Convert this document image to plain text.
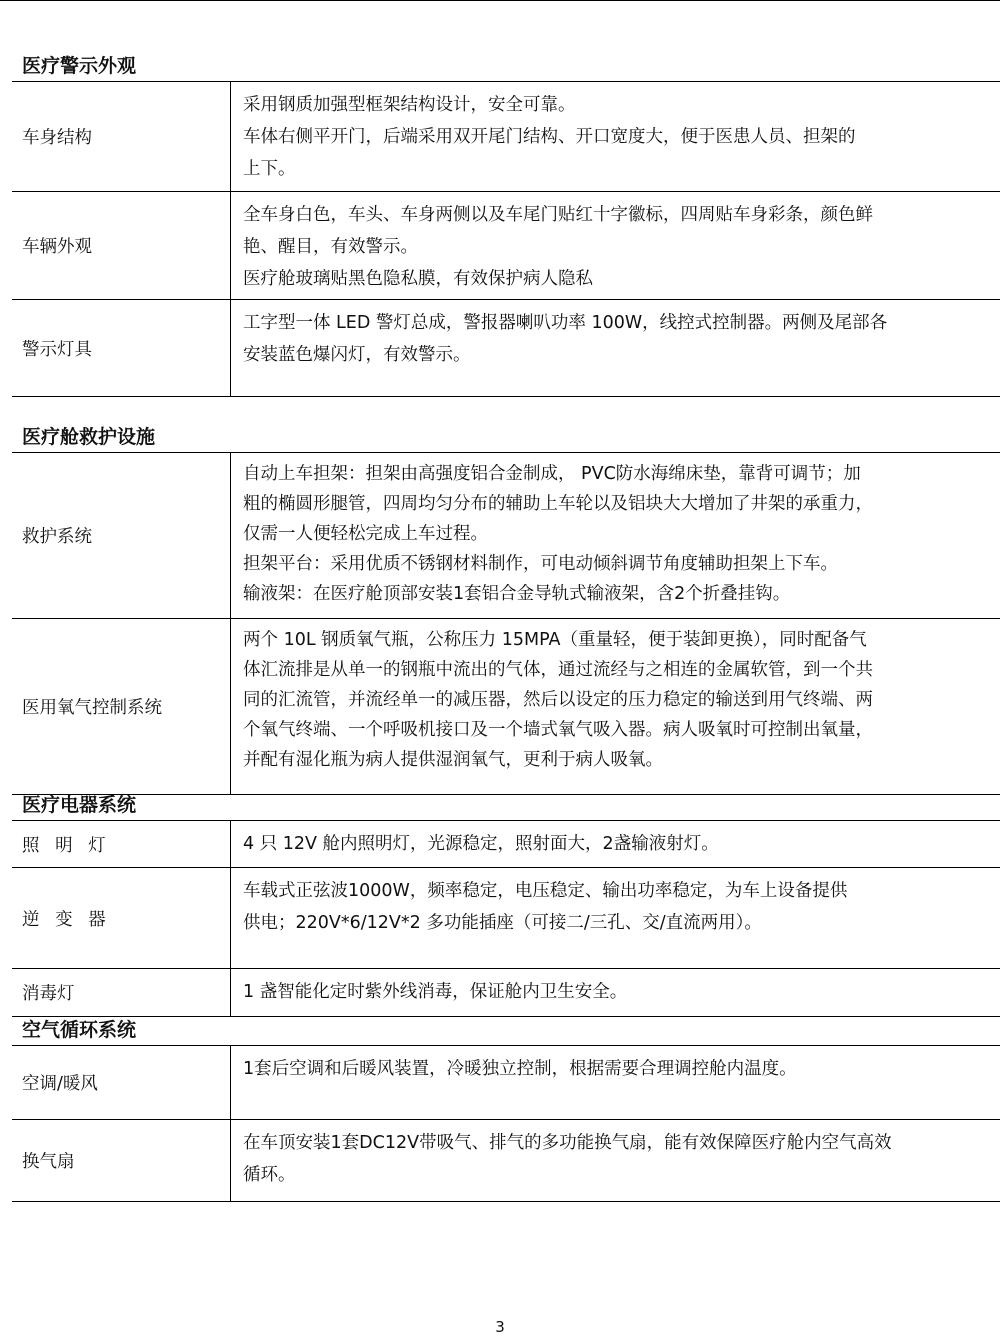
医疗警示外观
车身结构

采用钢质加强型框架结构设计，安全可靠。

车体右侧平开门，后端采用双开尾门结构、开口宽度大，便于医患人员、担架的

上下。

车辆外观

全车身白色，车头、车身两侧以及车尾门贴红十字徽标，四周贴车身彩条，颜色鲜

艳、醒目，有效警示。

医疗舱玻璃贴黑色隐私膜，有效保护病人隐私

警示灯具

工字型一体 LED 警灯总成，警报器喇叭功率 100W，线控式控制器。两侧及尾部各

安装蓝色爆闪灯，有效警示。

医疗舱救护设施
救护系统

自动上车担架：担架由高强度铝合金制成， PVC防水海绵床垫，靠背可调节；加

粗的椭圆形腿管，四周均匀分布的辅助上车轮以及铝块大大增加了井架的承重力，

仅需一人便轻松完成上车过程。

担架平台：采用优质不锈钢材料制作，可电动倾斜调节角度辅助担架上下车。

输液架：在医疗舱顶部安装1套铝合金导轨式输液架，含2个折叠挂钩。

医用氧气控制系统

两个 10L 钢质氧气瓶，公称压力 15MPA（重量轻，便于装卸更换），同时配备气

体汇流排是从单一的钢瓶中流出的气体，通过流经与之相连的金属软管，到一个共

同的汇流管，并流经单一的减压器，然后以设定的压力稳定的输送到用气终端、两

个氧气终端、一个呼吸机接口及一个墙式氧气吸入器。病人吸氧时可控制出氧量，

并配有湿化瓶为病人提供湿润氧气，更利于病人吸氧。

医疗电器系统
照 明 灯	4 只 12V 舱内照明灯，光源稳定，照射面大，2盏输液射灯。

逆 变 器

车载式正弦波1000W，频率稳定，电压稳定、输出功率稳定，为车上设备提供

供电；220V*6/12V*2 多功能插座（可接二/三孔、交/直流两用）。

消毒灯	1 盏智能化定时紫外线消毒，保证舱内卫生安全。

空气循环系统
空调/暖风

1套后空调和后暖风装置，冷暖独立控制，根据需要合理调控舱内温度。

换气扇

在车顶安装1套DC12V带吸气、排气的多功能换气扇，能有效保障医疗舱内空气高效

循环。

3
